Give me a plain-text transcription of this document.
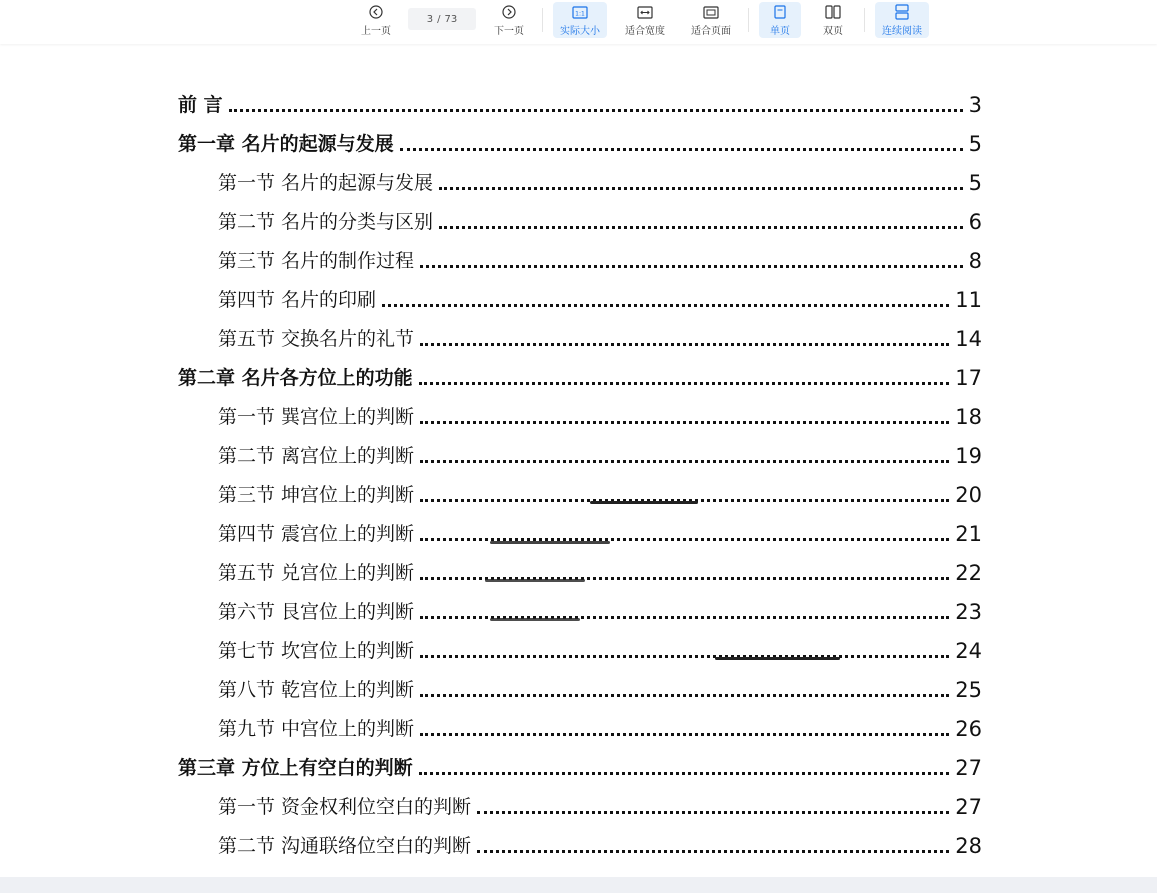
上一页
3 / 73
下一页
1:1
实际大小	适合宽度	适合页面	单页	双页	连续阅读
前 言	3
第一章 名片的起源与发展	5
第一节 名片的起源与发展	5
第二节 名片的分类与区别	6
第三节 名片的制作过程	8
第四节 名片的印刷	11
第五节 交换名片的礼节	14
第二章 名片各方位上的功能	17
第一节 巽宫位上的判断	18
第二节 离宫位上的判断	19
第三节 坤宫位上的判断	20
第四节 震宫位上的判断	21
第五节 兑宫位上的判断	22
第六节 艮宫位上的判断	23
第七节 坎宫位上的判断	24
第八节 乾宫位上的判断	25
第九节 中宫位上的判断	26
第三章 方位上有空白的判断	27
第一节 资金权利位空白的判断	27
第二节 沟通联络位空白的判断	28
